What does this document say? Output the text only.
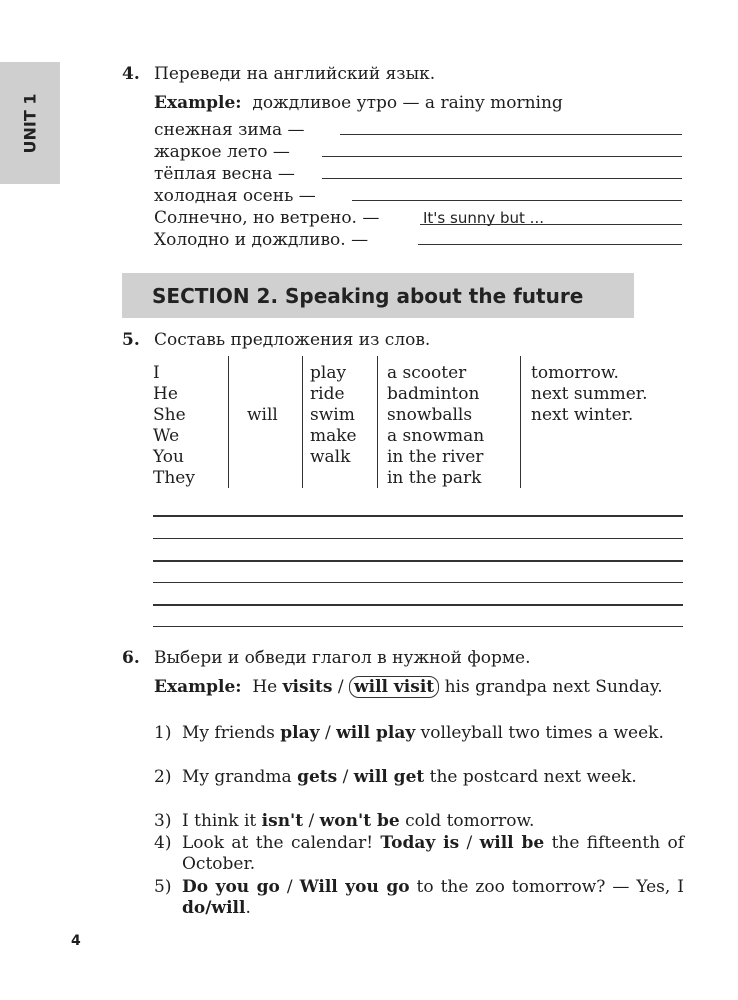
UNIT 1
4. Переведи на английский язык.
Example: дождливое утро — a rainy morning
снежная зима —
жаркое лето —
тёплая весна —
холодная осень —
Солнечно, но ветрено. —	It's sunny but ...
Холодно и дождливо. —
SECTION 2. Speaking about the future
5. Составь предложения из слов.
I
He
She
We
You
They
will
play
ride
swim
make
walk
a scooter
badminton
snowballs
a snowman
in the river
in the park
tomorrow.
next summer.
next winter.
6. Выбери и обведи глагол в нужной форме.
Example: He visits / will visit his grandpa next Sunday.
1) My friends play / will play volleyball two times a week.
2) My grandma gets / will get the postcard next week.
3) I think it isn't / won't be cold tomorrow.
4) Look at the calendar! Today is / will be the fifteenth of October.
5) Do you go / Will you go to the zoo tomorrow? — Yes, I do/will.
4
